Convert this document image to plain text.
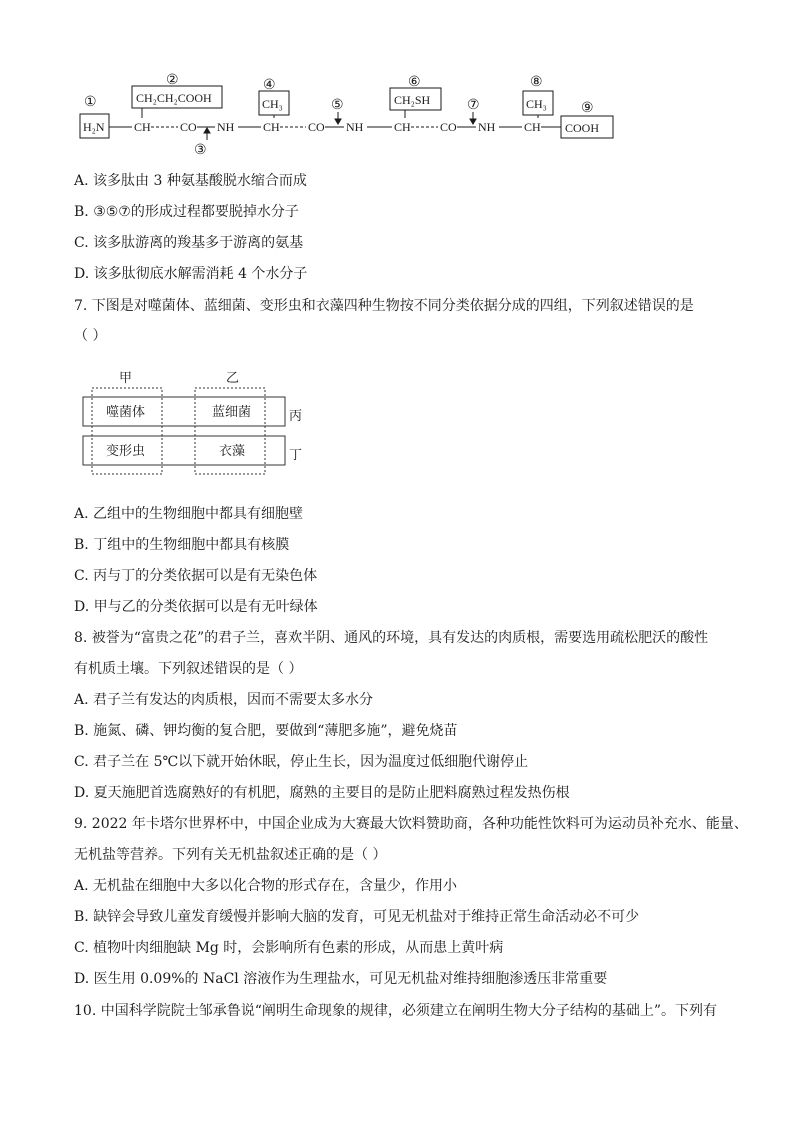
①
②
③
④
⑤
⑥
⑦
⑧
⑨
H₂N
CH₂CH₂COOH	CH₃	CH₂SH	CH₃
COOH
CH CO NH CH CO NH	CH CO NH CH
A. 该多肽由 3 种氨基酸脱水缩合而成
B. ③⑤⑦的形成过程都要脱掉水分子
C. 该多肽游离的羧基多于游离的氨基
D. 该多肽彻底水解需消耗 4 个水分子
7. 下图是对噬菌体、蓝细菌、变形虫和衣藻四种生物按不同分类依据分成的四组，下列叙述错误的是
（ ）
甲	乙
噬菌体	蓝细菌
变形虫	衣藻
丙
丁
A. 乙组中的生物细胞中都具有细胞壁
B. 丁组中的生物细胞中都具有核膜
C. 丙与丁的分类依据可以是有无染色体
D. 甲与乙的分类依据可以是有无叶绿体
8. 被誉为“富贵之花”的君子兰，喜欢半阴、通风的环境，具有发达的肉质根，需要选用疏松肥沃的酸性
有机质土壤。下列叙述错误的是（ ）
A. 君子兰有发达的肉质根，因而不需要太多水分
B. 施氮、磷、钾均衡的复合肥，要做到“薄肥多施”，避免烧苗
C. 君子兰在 5℃以下就开始休眠，停止生长，因为温度过低细胞代谢停止
D. 夏天施肥首选腐熟好的有机肥，腐熟的主要目的是防止肥料腐熟过程发热伤根
9. 2022 年卡塔尔世界杯中，中国企业成为大赛最大饮料赞助商，各种功能性饮料可为运动员补充水、能量、
无机盐等营养。下列有关无机盐叙述正确的是（ ）
A. 无机盐在细胞中大多以化合物的形式存在，含量少，作用小
B. 缺锌会导致儿童发育缓慢并影响大脑的发育，可见无机盐对于维持正常生命活动必不可少
C. 植物叶肉细胞缺 Mg 时，会影响所有色素的形成，从而患上黄叶病
D. 医生用 0.09%的 NaCl 溶液作为生理盐水，可见无机盐对维持细胞渗透压非常重要
10. 中国科学院院士邹承鲁说“阐明生命现象的规律，必须建立在阐明生物大分子结构的基础上”。下列有
